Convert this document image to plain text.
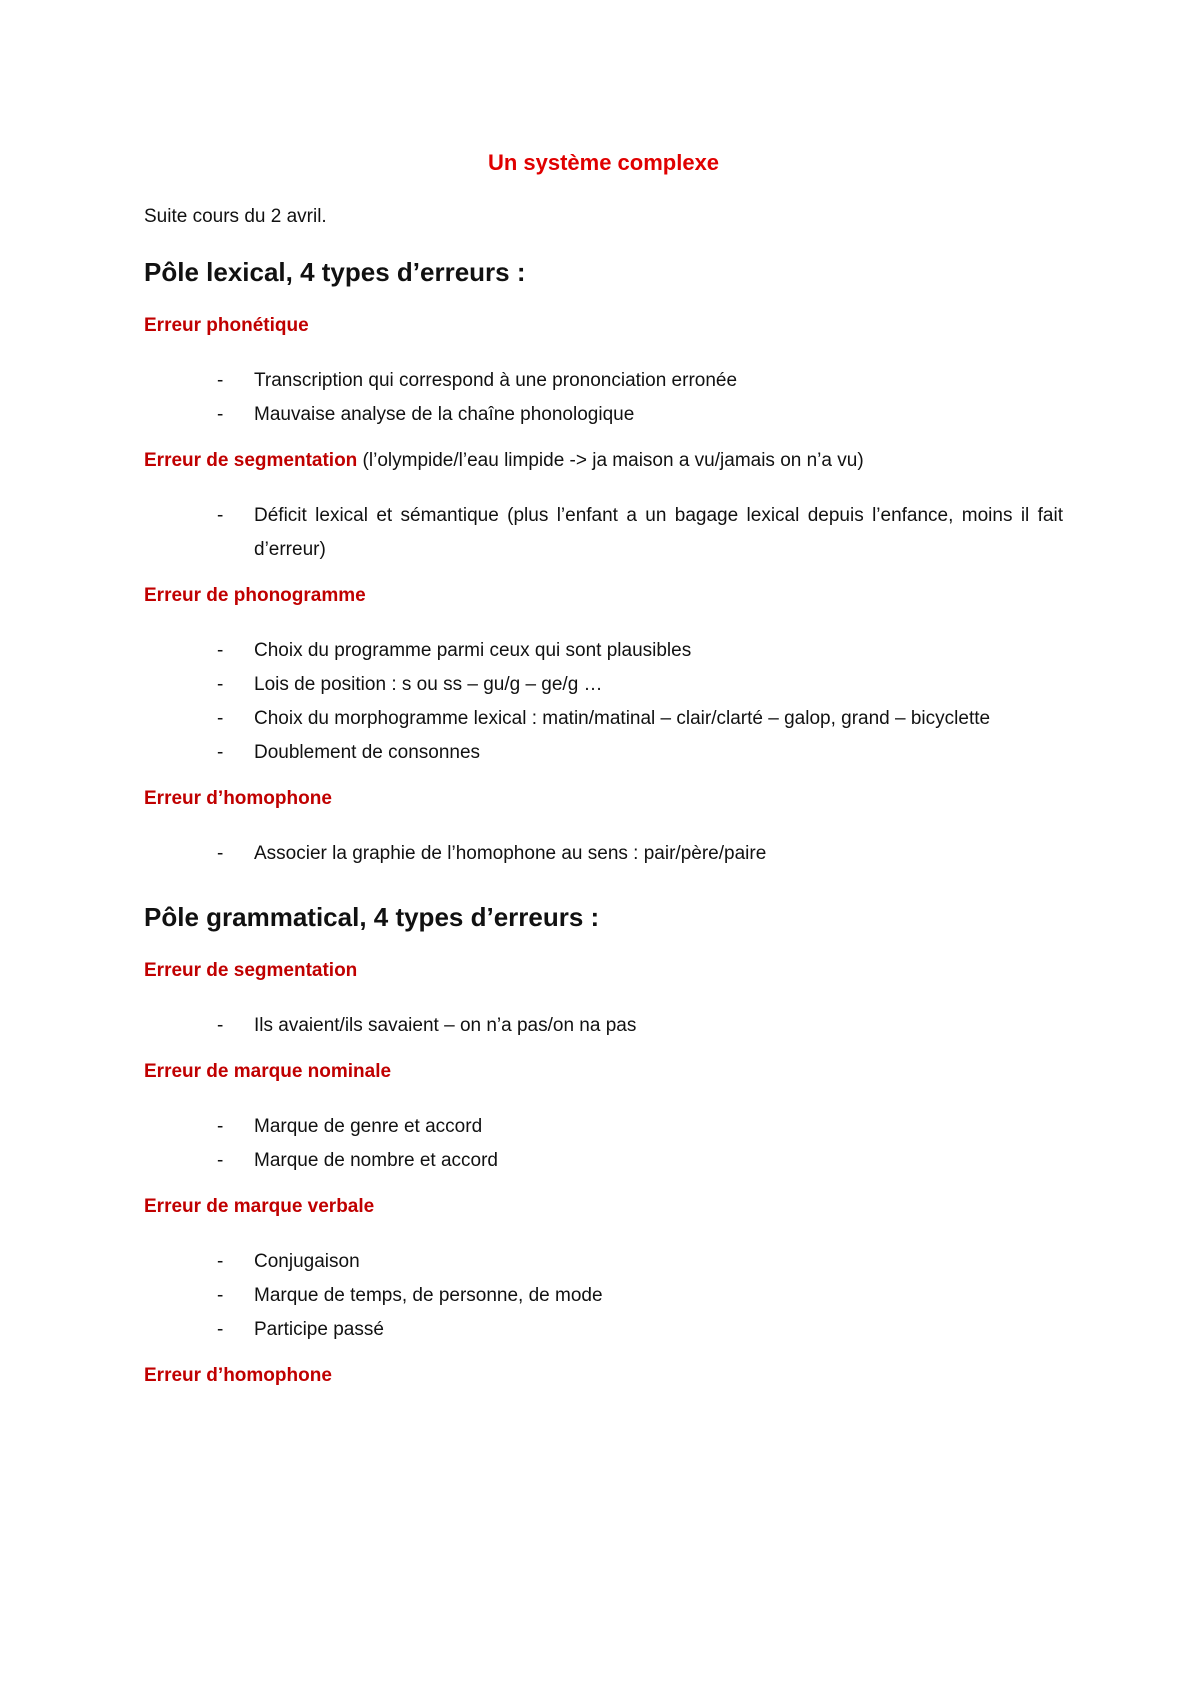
Un système complexe

Suite cours du 2 avril.

Pôle lexical, 4 types d’erreurs :

Erreur phonétique

- Transcription qui correspond à une prononciation erronée
- Mauvaise analyse de la chaîne phonologique

Erreur de segmentation (l’olympide/l’eau limpide -> ja maison a vu/jamais on n’a vu)

- Déficit lexical et sémantique (plus l’enfant a un bagage lexical depuis l’enfance, moins il fait d’erreur)

Erreur de phonogramme

- Choix du programme parmi ceux qui sont plausibles
- Lois de position : s ou ss – gu/g – ge/g …
- Choix du morphogramme lexical : matin/matinal – clair/clarté – galop, grand – bicyclette
- Doublement de consonnes

Erreur d’homophone

- Associer la graphie de l’homophone au sens : pair/père/paire
Pôle grammatical, 4 types d’erreurs :

Erreur de segmentation

- Ils avaient/ils savaient – on n’a pas/on na pas

Erreur de marque nominale

- Marque de genre et accord
- Marque de nombre et accord

Erreur de marque verbale

- Conjugaison
- Marque de temps, de personne, de mode
- Participe passé

Erreur d’homophone
